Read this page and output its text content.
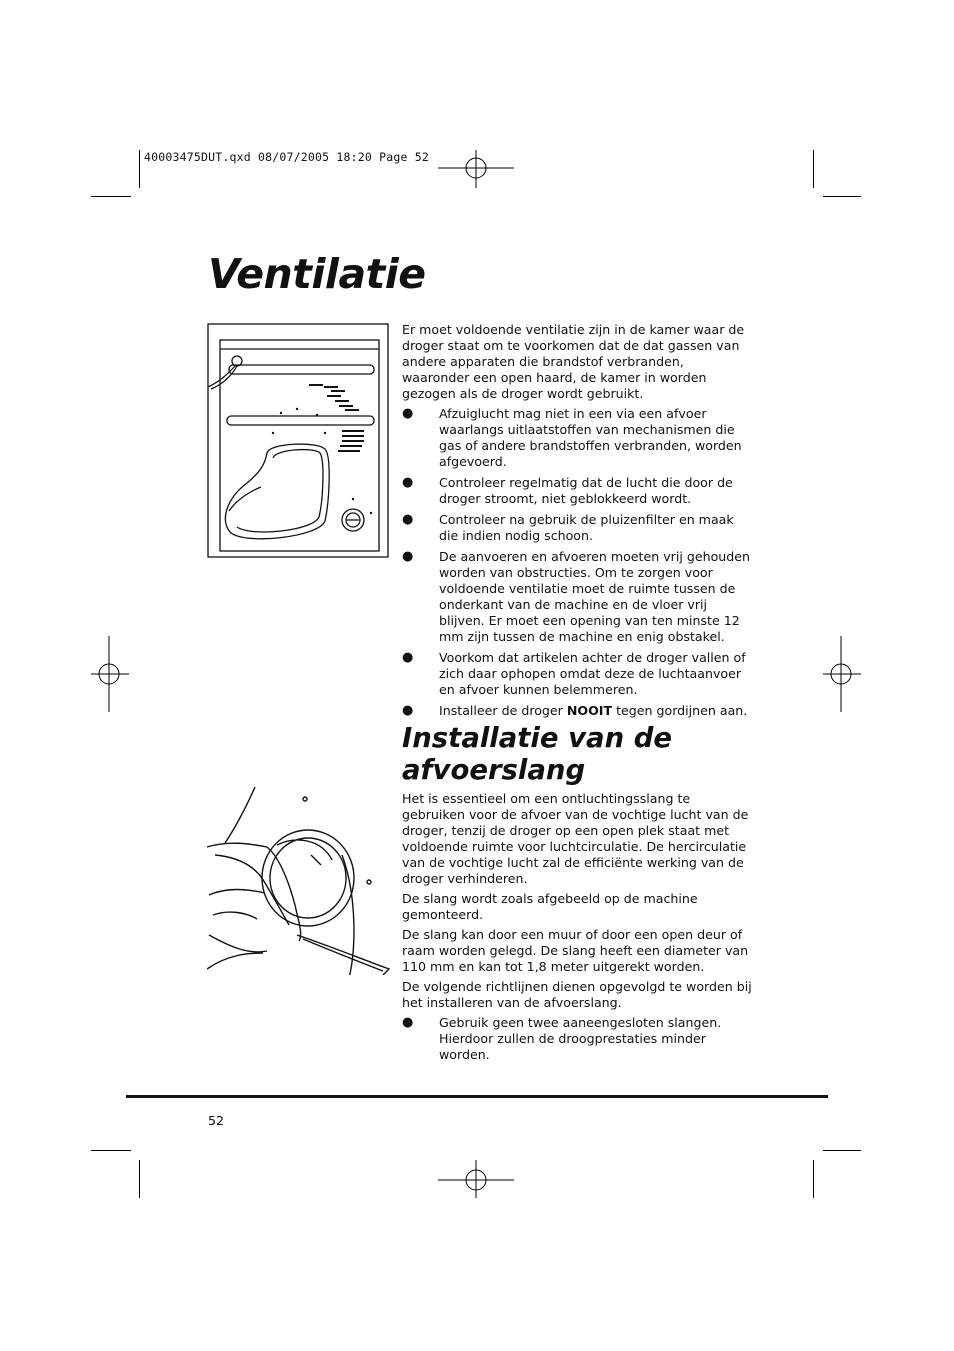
40003475DUT.qxd 08/07/2005 18:20 Page 52
Ventilatie

Er moet voldoende ventilatie zijn in de kamer waar de droger staat om te voorkomen dat de dat gassen van andere apparaten die brandstof verbranden, waaronder een open haard, de kamer in worden gezogen als de droger wordt gebruikt.

● Afzuiglucht mag niet in een via een afvoer waarlangs uitlaatstoffen van mechanismen die gas of andere brandstoffen verbranden, worden afgevoerd.
● Controleer regelmatig dat de lucht die door de droger stroomt, niet geblokkeerd wordt.
● Controleer na gebruik de pluizenfilter en maak die indien nodig schoon.
● De aanvoeren en afvoeren moeten vrij gehouden worden van obstructies. Om te zorgen voor voldoende ventilatie moet de ruimte tussen de onderkant van de machine en de vloer vrij blijven. Er moet een opening van ten minste 12 mm zijn tussen de machine en enig obstakel.
● Voorkom dat artikelen achter de droger vallen of zich daar ophopen omdat deze de luchtaanvoer en afvoer kunnen belemmeren.
● Installeer de droger NOOIT tegen gordijnen aan.
Installatie van de afvoerslang

Het is essentieel om een ontluchtingsslang te gebruiken voor de afvoer van de vochtige lucht van de droger, tenzij de droger op een open plek staat met voldoende ruimte voor luchtcirculatie. De hercirculatie van de vochtige lucht zal de efficiënte werking van de droger verhinderen.

De slang wordt zoals afgebeeld op de machine gemonteerd.

De slang kan door een muur of door een open deur of raam worden gelegd. De slang heeft een diameter van 110 mm en kan tot 1,8 meter uitgerekt worden.

De volgende richtlijnen dienen opgevolgd te worden bij het installeren van de afvoerslang.

● Gebruik geen twee aaneengesloten slangen. Hierdoor zullen de droogprestaties minder worden.
52
